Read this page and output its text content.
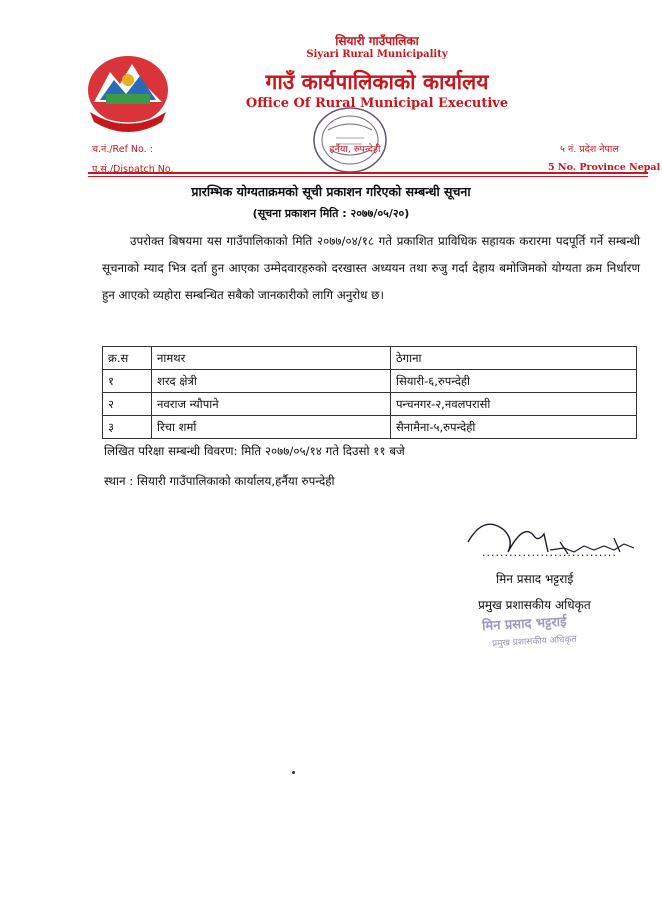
सियारी गाउँपालिका
Siyari Rural Municipality
गाउँ कार्यपालिकाको कार्यालय
Office Of Rural Municipal Executive
च.नं./Ref No. :
प.सं./Dispatch No.
हर्नैया, रुपन्देही	५ नं. प्रदेश नेपाल
5 No. Province Nepal
प्रारम्भिक योग्यताक्रमको सूची प्रकाशन गरिएको सम्बन्धी सूचना
(सूचना प्रकाशन मिति : २०७७/०५/२०)
उपरोक्त बिषयमा यस गाउँपालिकाको मिति २०७७/०४/१८ गते प्रकाशित प्राविधिक सहायक करारमा पदपूर्ति गर्ने सम्बन्धी सूचनाको म्याद भित्र दर्ता हुन आएका उम्मेदवारहरुको दरखास्त अध्ययन तथा रुजु गर्दा देहाय बमोजिमको योग्यता क्रम निर्धारण हुन आएको व्यहोरा सम्बन्धित सबैको जानकारीको लागि अनुरोध छ।
क्र.स	नामथर	ठेगाना
१	शरद क्षेत्री	सियारी-६,रुपन्देही
२	नवराज न्यौपाने	पन्चनगर-२,नवलपरासी
३	रिचा शर्मा	सैनामैना-५,रुपन्देही
लिखित परिक्षा सम्बन्धी विवरण: मिति २०७७/०५/१४ गते दिउसो ११ बजे
स्थान : सियारी गाउँपालिकाको कार्यालय,हर्नैया रुपन्देही
..............................
मिन प्रसाद भट्टराई
प्रमुख प्रशासकीय अधिकृत
मिन प्रसाद भट्टराई
प्रमुख प्रशासकीय अधिकृत
